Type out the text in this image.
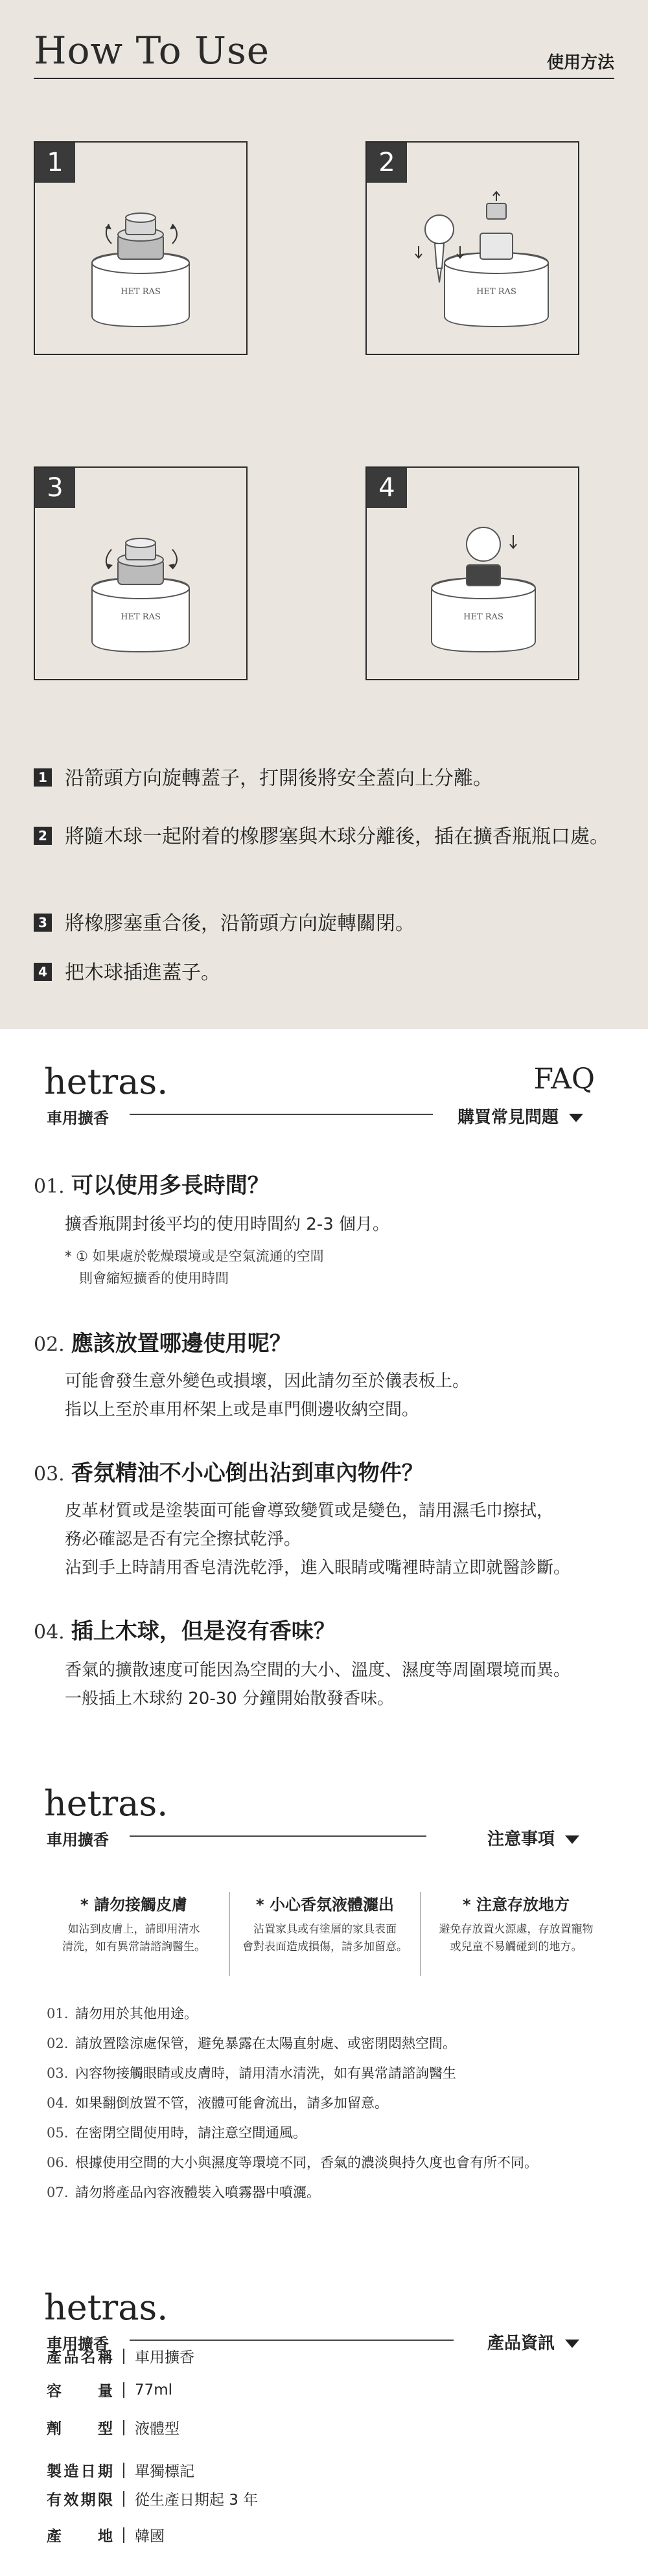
How To Use	使用方法
HET RAS
1
HET RAS
2
HET RAS
3
HET RAS
4
1 沿箭頭方向旋轉蓋子，打開後將安全蓋向上分離。
2 將隨木球一起附着的橡膠塞與木球分離後，插在擴香瓶瓶口處。
3 將橡膠塞重合後，沿箭頭方向旋轉關閉。
4 把木球插進蓋子。
hetras.
車用擴香
FAQ
購買常見問題
01. 可以使用多長時間？
擴香瓶開封後平均的使用時間約 2-3 個月。
* ① 如果處於乾燥環境或是空氣流通的空間
則會縮短擴香的使用時間
02. 應該放置哪邊使用呢？
可能會發生意外變色或損壞，因此請勿至於儀表板上。
指以上至於車用杯架上或是車門側邊收納空間。
03. 香氛精油不小心倒出沾到車內物件？
皮革材質或是塗裝面可能會導致變質或是變色，請用濕毛巾擦拭，
務必確認是否有完全擦拭乾淨。
沾到手上時請用香皂清洗乾淨，進入眼睛或嘴裡時請立即就醫診斷。
04. 插上木球，但是沒有香味？
香氣的擴散速度可能因為空間的大小、溫度、濕度等周圍環境而異。
一般插上木球約 20-30 分鐘開始散發香味。
hetras.
車用擴香	注意事項
* 請勿接觸皮膚
如沾到皮膚上，請即用清水
清洗，如有異常請諮詢醫生。
* 小心香氛液體灑出
沾置家具或有塗層的家具表面
會對表面造成損傷，請多加留意。
* 注意存放地方
避免存放置火源處，存放置寵物
或兒童不易觸碰到的地方。
01. 請勿用於其他用途。
02. 請放置陰涼處保管，避免暴露在太陽直射處、或密閉悶熱空間。
03. 內容物接觸眼睛或皮膚時，請用清水清洗，如有異常請諮詢醫生
04. 如果翻倒放置不管，液體可能會流出，請多加留意。
05. 在密閉空間使用時，請注意空間通風。
06. 根據使用空間的大小與濕度等環境不同，香氣的濃淡與持久度也會有所不同。
07. 請勿將產品內容液體裝入噴霧器中噴灑。
hetras.
車用擴香	產品資訊
產品名稱 車用擴香
容量 77ml
劑型 液體型
製造日期 單獨標記
有效期限 從生產日期起 3 年
產地 韓國
